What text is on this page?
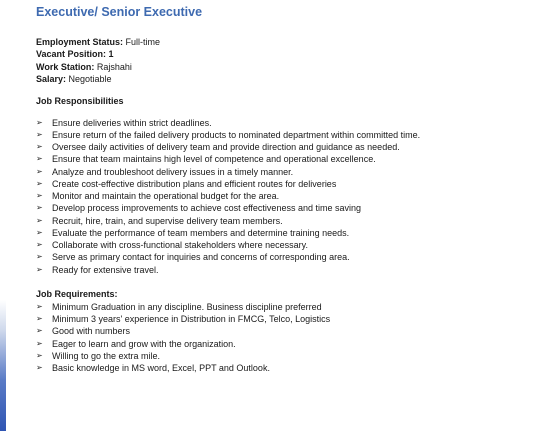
Executive/ Senior Executive

Employment Status: Full-time

Vacant Position: 1

Work Station: Rajshahi

Salary: Negotiable

Job Responsibilities
➢ Ensure deliveries within strict deadlines.
➢ Ensure return of the failed delivery products to nominated department within committed time.
➢ Oversee daily activities of delivery team and provide direction and guidance as needed.
➢ Ensure that team maintains high level of competence and operational excellence.
➢ Analyze and troubleshoot delivery issues in a timely manner.
➢ Create cost-effective distribution plans and efficient routes for deliveries
➢ Monitor and maintain the operational budget for the area.
➢ Develop process improvements to achieve cost effectiveness and time saving
➢ Recruit, hire, train, and supervise delivery team members.
➢ Evaluate the performance of team members and determine training needs.
➢ Collaborate with cross-functional stakeholders where necessary.
➢ Serve as primary contact for inquiries and concerns of corresponding area.
➢ Ready for extensive travel.
Job Requirements:
➢ Minimum Graduation in any discipline. Business discipline preferred
➢ Minimum 3 years' experience in Distribution in FMCG, Telco, Logistics
➢ Good with numbers
➢ Eager to learn and grow with the organization.
➢ Willing to go the extra mile.
➢ Basic knowledge in MS word, Excel, PPT and Outlook.
